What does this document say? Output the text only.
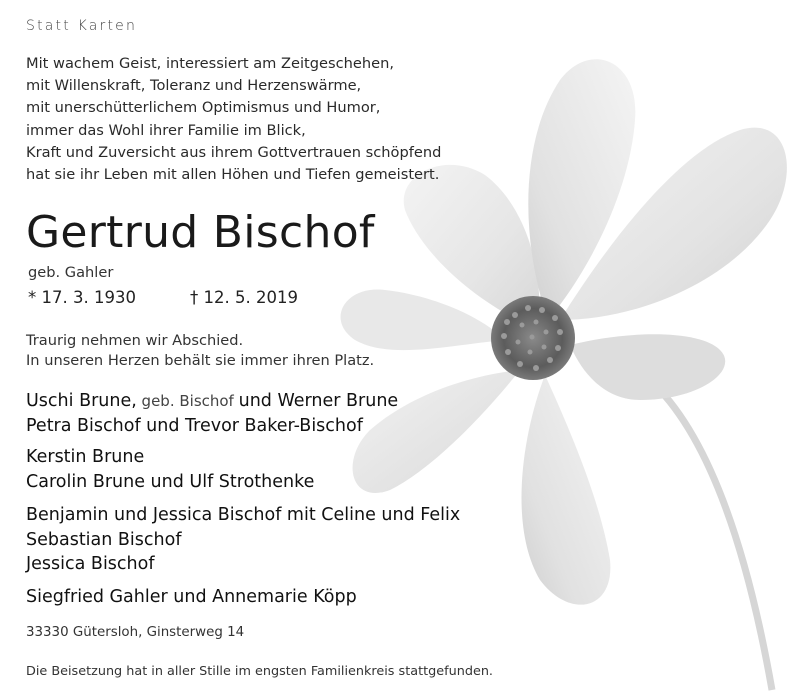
Statt Karten
Mit wachem Geist, interessiert am Zeitgeschehen,
mit Willenskraft, Toleranz und Herzenswärme,
mit unerschütterlichem Optimismus und Humor,
immer das Wohl ihrer Familie im Blick,
Kraft und Zuversicht aus ihrem Gottvertrauen schöpfend
hat sie ihr Leben mit allen Höhen und Tiefen gemeistert.
Gertrud Bischof
geb. Gahler
* 17. 3. 1930	† 12. 5. 2019
Traurig nehmen wir Abschied.
In unseren Herzen behält sie immer ihren Platz.
Uschi Brune, geb. Bischof und Werner Brune
Petra Bischof und Trevor Baker-Bischof
Kerstin Brune
Carolin Brune und Ulf Strothenke
Benjamin und Jessica Bischof mit Celine und Felix
Sebastian Bischof
Jessica Bischof
Siegfried Gahler und Annemarie Köpp
33330 Gütersloh, Ginsterweg 14
Die Beisetzung hat in aller Stille im engsten Familienkreis stattgefunden.
